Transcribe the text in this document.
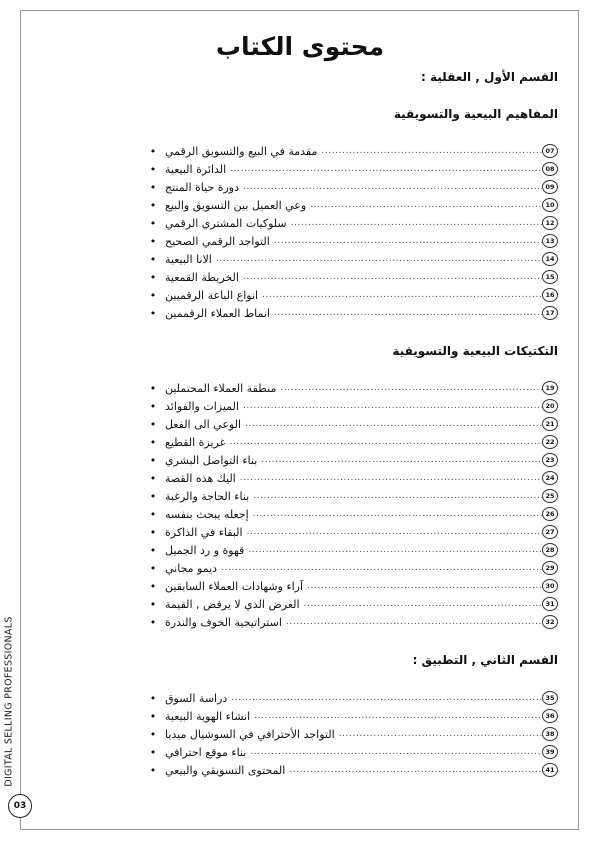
DIGITAL SELLING PROFESSIONALS
03
محتوى الكتاب
القسم الأول , العقلية :
المفاهيم البيعية والتسويقية
• مقدمة في البيع والتسويق الرقمي .....	07
• الدائرة البيعية .....	08
• دورة حياة المنتج .....	09
• وعي العميل بين التسويق والبيع .....	10
• سلوكيات المشتري الرقمي .....	12
• التواجد الرقمي الصحيح .....	13
• الانا البيعية .....	14
• الخريطة القمعية .....	15
• انواع الباعة الرقميين .....	16
• انماط العملاء الرقممين .....	17
التكتيكات البيعية والتسويقية
• منطقة العملاء المحتملين .....	19
• الميزات والفوائد .....	20
• الوعي الى الفعل .....	21
• غريزة القطيع .....	22
• بناء التواصل البشري .....	23
• اليك هذه القصة .....	24
• بناء الحاجة والرغبة .....	25
• إجعله يبحث بنفسه .....	26
• البقاء في الذاكرة .....	27
• قهوة و رد الجميل .....	28
• ديمو مجاني .....	29
• آراء وشهادات العملاء السابقين .....	30
• العرض الذي لا يرفض , القيمة .....	31
• استراتيجية الخوف والندرة .....	32
القسم الثاني , التطبيق :
• دراسة السوق .....	35
• انشاء الهوية البيعية .....	36
• التواجد الأحترافي في السوشيال ميديا .....	38
• بناء موقع احترافي .....	39
• المحتوى التسويقي والبيعي .....	41
